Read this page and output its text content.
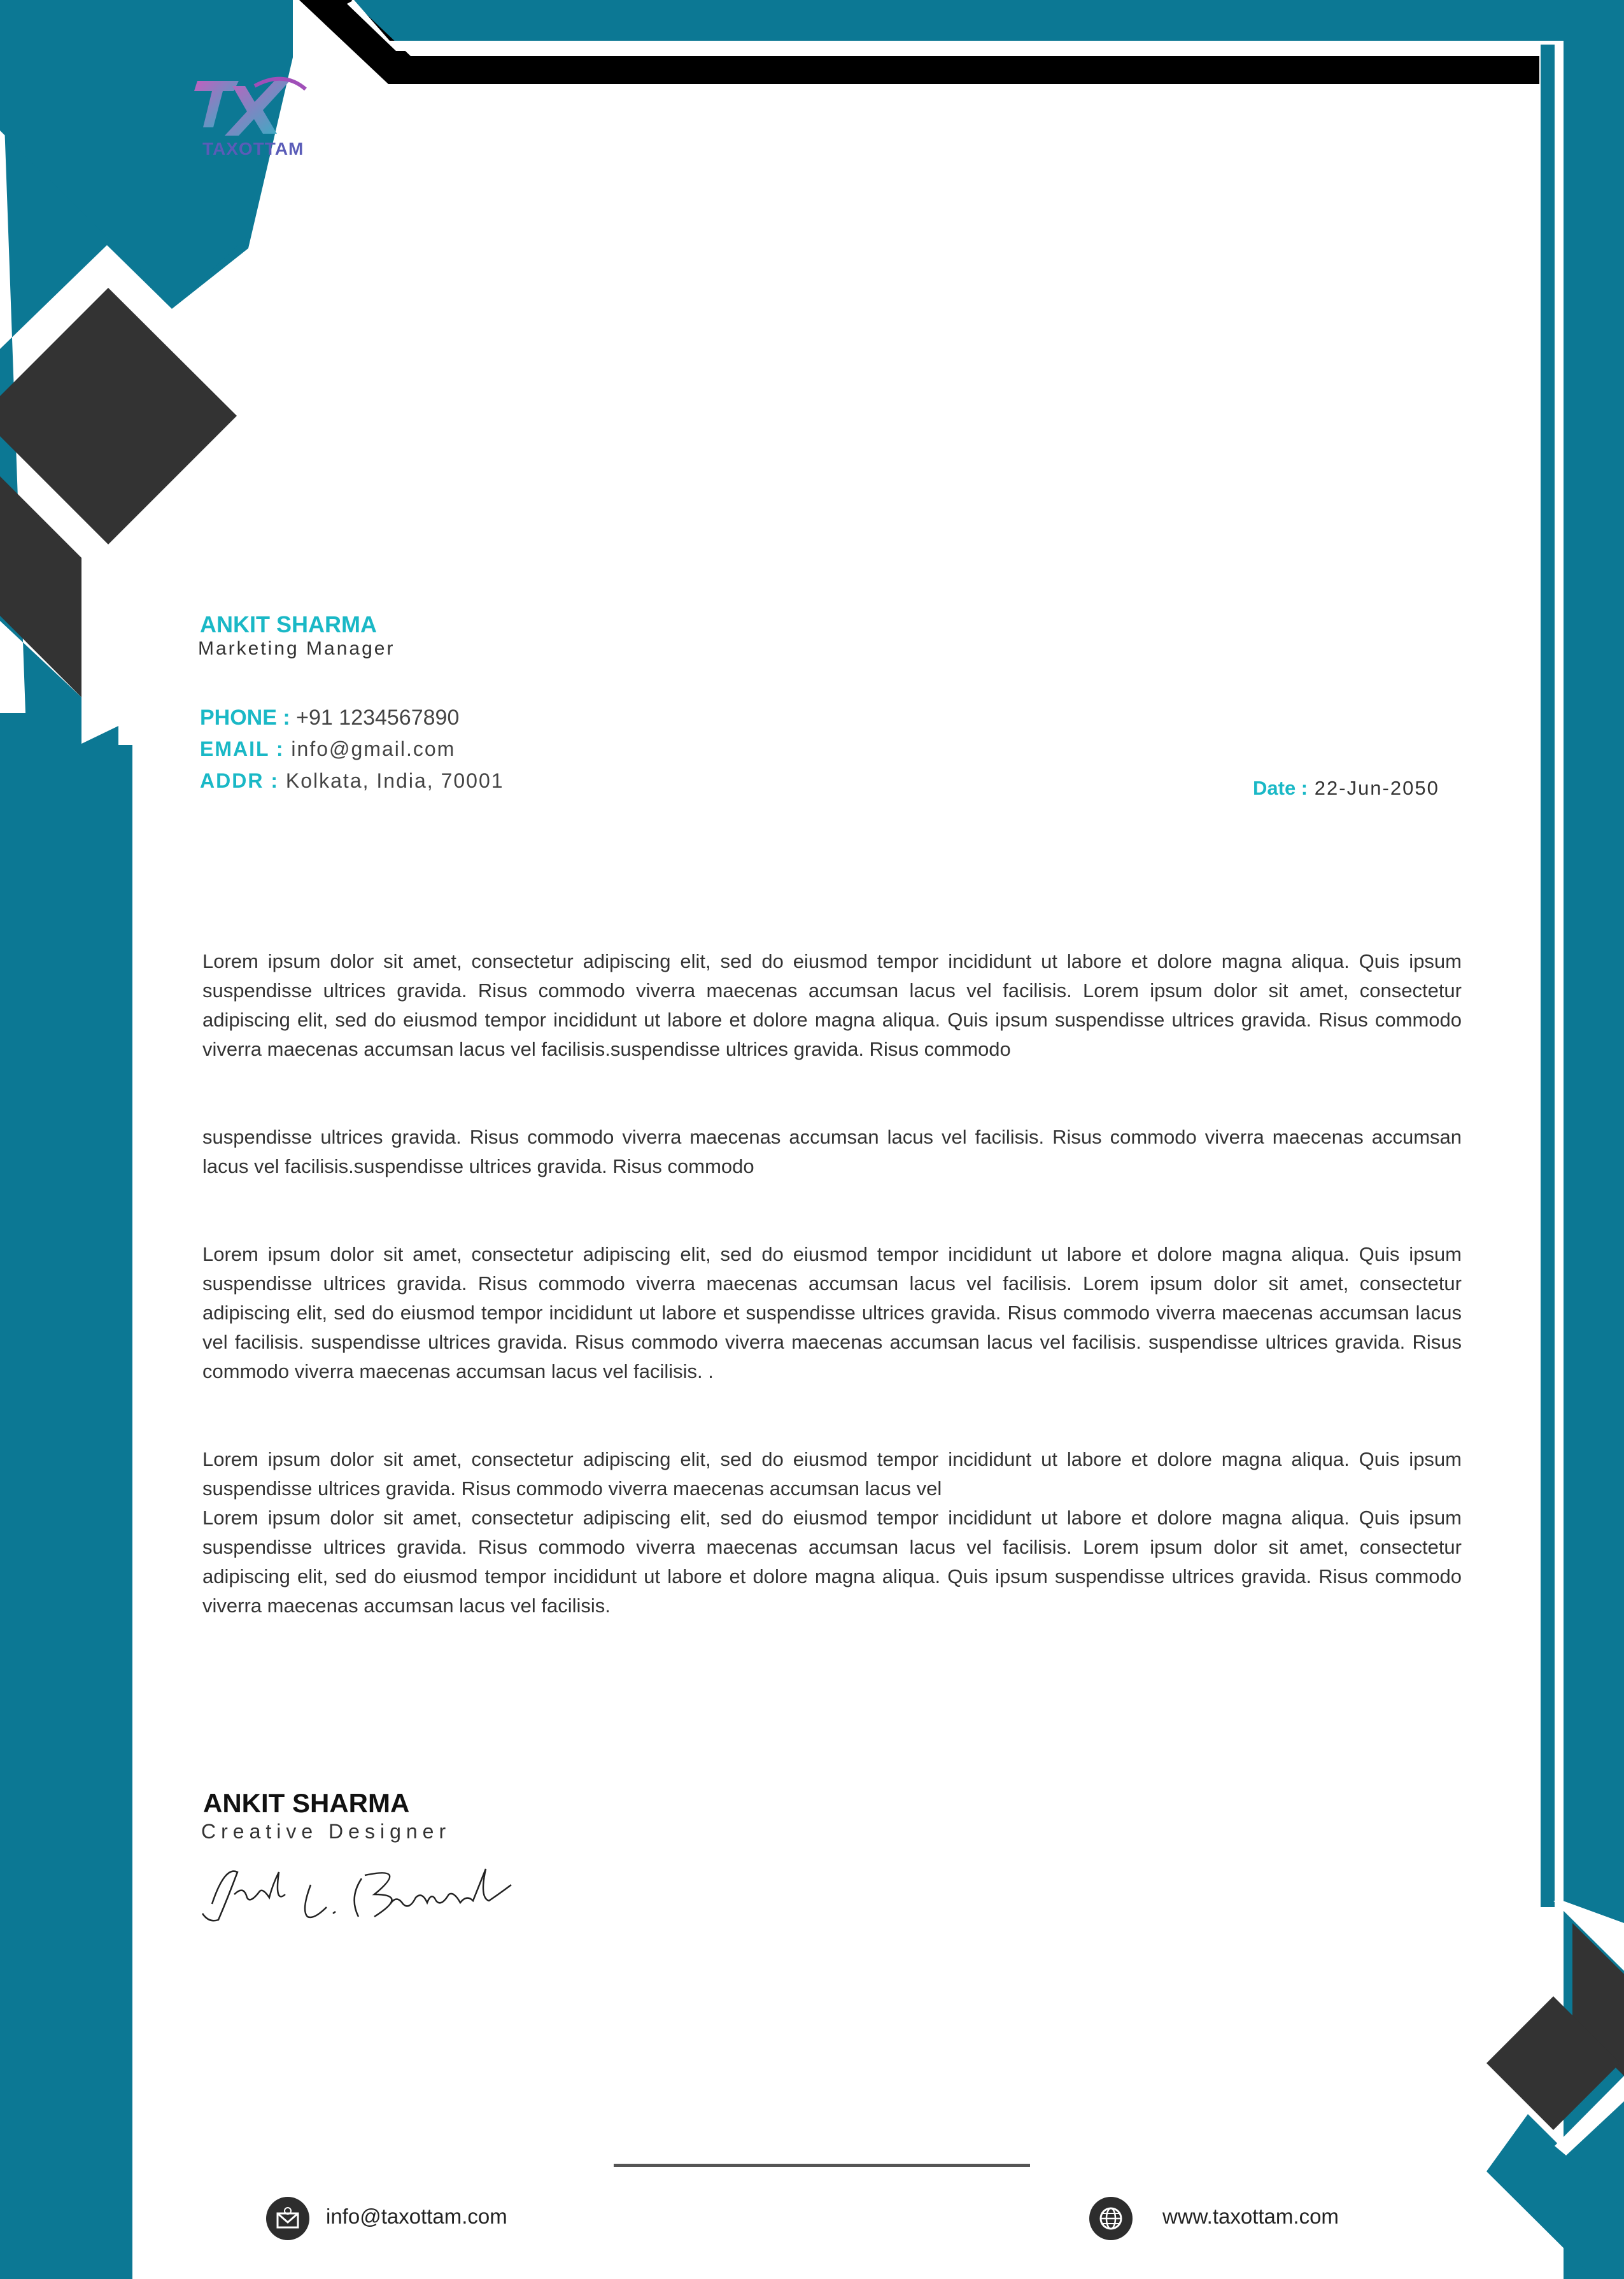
TAXOTTAM
ANKIT SHARMA
Marketing Manager
PHONE : +91 1234567890
EMAIL : info@gmail.com
ADDR : Kolkata, India, 70001	Date : 22-Jun-2050

Lorem ipsum dolor sit amet, consectetur adipiscing elit, sed do eiusmod tempor incididunt ut labore et dolore magna aliqua. Quis ipsum suspendisse ultrices gravida. Risus commodo viverra maecenas accumsan lacus vel facilisis. Lorem ipsum dolor sit amet, consectetur adipiscing elit, sed do eiusmod tempor incididunt ut labore et dolore magna aliqua. Quis ipsum suspendisse ultrices gravida. Risus commodo viverra maecenas accumsan lacus vel facilisis.suspendisse ultrices gravida. Risus commodo

suspendisse ultrices gravida. Risus commodo viverra maecenas accumsan lacus vel facilisis. Risus commodo viverra maecenas accumsan lacus vel facilisis.suspendisse ultrices gravida. Risus commodo

Lorem ipsum dolor sit amet, consectetur adipiscing elit, sed do eiusmod tempor incididunt ut labore et dolore magna aliqua. Quis ipsum suspendisse ultrices gravida. Risus commodo viverra maecenas accumsan lacus vel facilisis. Lorem ipsum dolor sit amet, consectetur adipiscing elit, sed do eiusmod tempor incididunt ut labore et suspendisse ultrices gravida. Risus commodo viverra maecenas accumsan lacus vel facilisis. suspendisse ultrices gravida. Risus commodo viverra maecenas accumsan lacus vel facilisis. suspendisse ultrices gravida. Risus commodo viverra maecenas accumsan lacus vel facilisis. .

Lorem ipsum dolor sit amet, consectetur adipiscing elit, sed do eiusmod tempor incididunt ut labore et dolore magna aliqua. Quis ipsum suspendisse ultrices gravida. Risus commodo viverra maecenas accumsan lacus vel
Lorem ipsum dolor sit amet, consectetur adipiscing elit, sed do eiusmod tempor incididunt ut labore et dolore magna aliqua. Quis ipsum suspendisse ultrices gravida. Risus commodo viverra maecenas accumsan lacus vel facilisis. Lorem ipsum dolor sit amet, consectetur adipiscing elit, sed do eiusmod tempor incididunt ut labore et dolore magna aliqua. Quis ipsum suspendisse ultrices gravida. Risus commodo viverra maecenas accumsan lacus vel facilisis.
ANKIT SHARMA
Creative Designer
info@taxottam.com	www.taxottam.com
